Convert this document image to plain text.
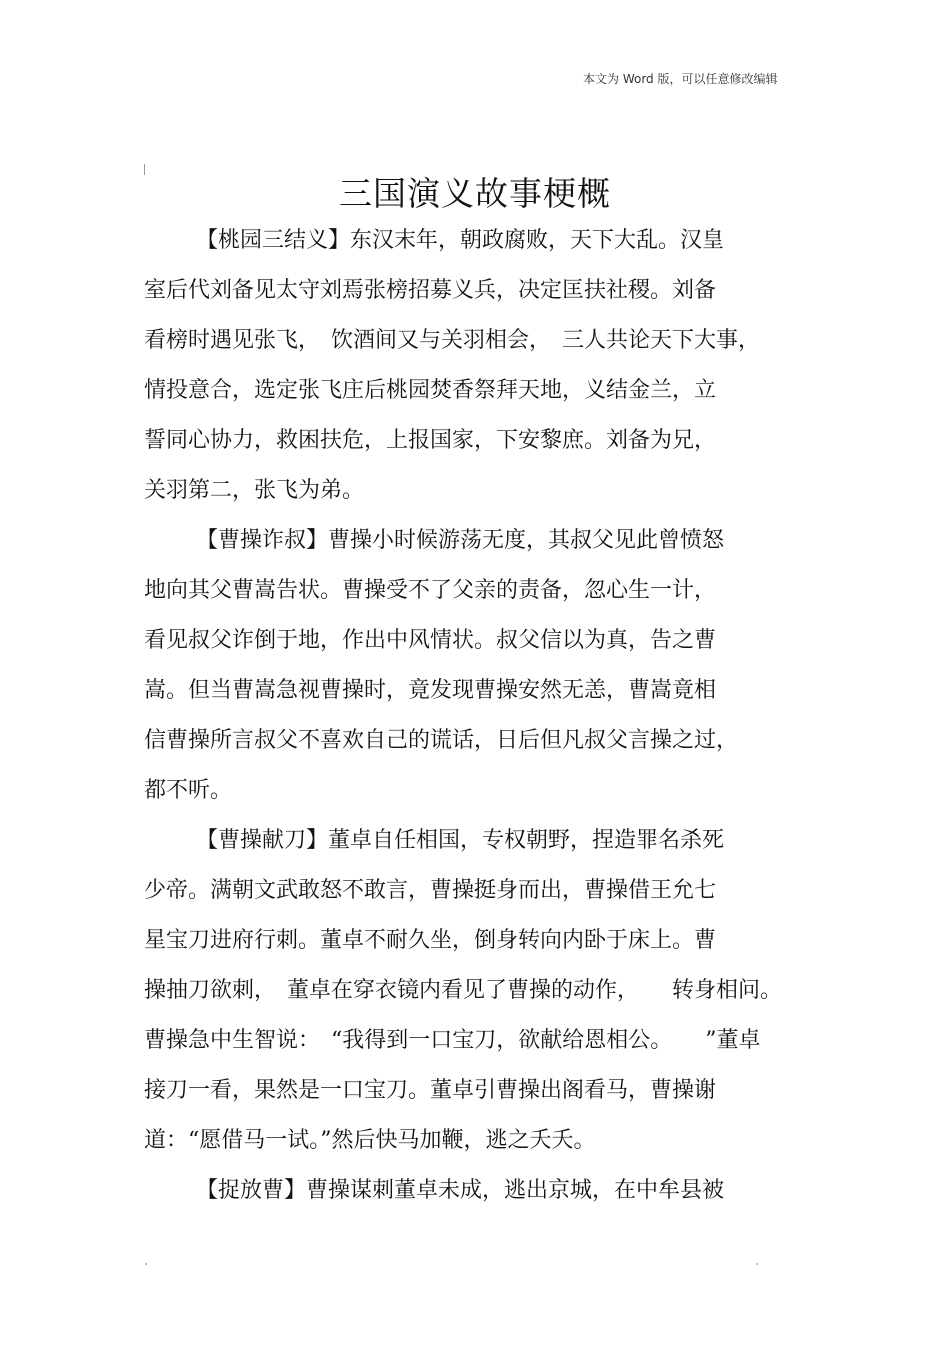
本文为 Word 版，可以任意修改编辑
三国演义故事梗概
【桃园三结义】东汉末年，朝政腐败，天下大乱。汉皇
室后代刘备见太守刘焉张榜招募义兵，决定匡扶社稷。刘备
看榜时遇见张飞，　饮酒间又与关羽相会，　三人共论天下大事，
情投意合，选定张飞庄后桃园焚香祭拜天地，义结金兰，立
誓同心协力，救困扶危，上报国家，下安黎庶。刘备为兄，
关羽第二，张飞为弟。
【曹操诈叔】曹操小时候游荡无度，其叔父见此曾愤怒
地向其父曹嵩告状。曹操受不了父亲的责备，忽心生一计，
看见叔父诈倒于地，作出中风情状。叔父信以为真，告之曹
嵩。但当曹嵩急视曹操时，竟发现曹操安然无恙，曹嵩竟相
信曹操所言叔父不喜欢自己的谎话，日后但凡叔父言操之过，
都不听。
【曹操献刀】董卓自任相国，专权朝野，捏造罪名杀死
少帝。满朝文武敢怒不敢言，曹操挺身而出，曹操借王允七
星宝刀进府行刺。董卓不耐久坐，倒身转向内卧于床上。曹
操抽刀欲刺，　董卓在穿衣镜内看见了曹操的动作，　　转身相问。
曹操急中生智说：　“我得到一口宝刀，欲献给恩相公。　　”董卓
接刀一看，果然是一口宝刀。董卓引曹操出阁看马，曹操谢
道：“愿借马一试。”然后快马加鞭，逃之夭夭。
【捉放曹】曹操谋刺董卓未成，逃出京城，在中牟县被
